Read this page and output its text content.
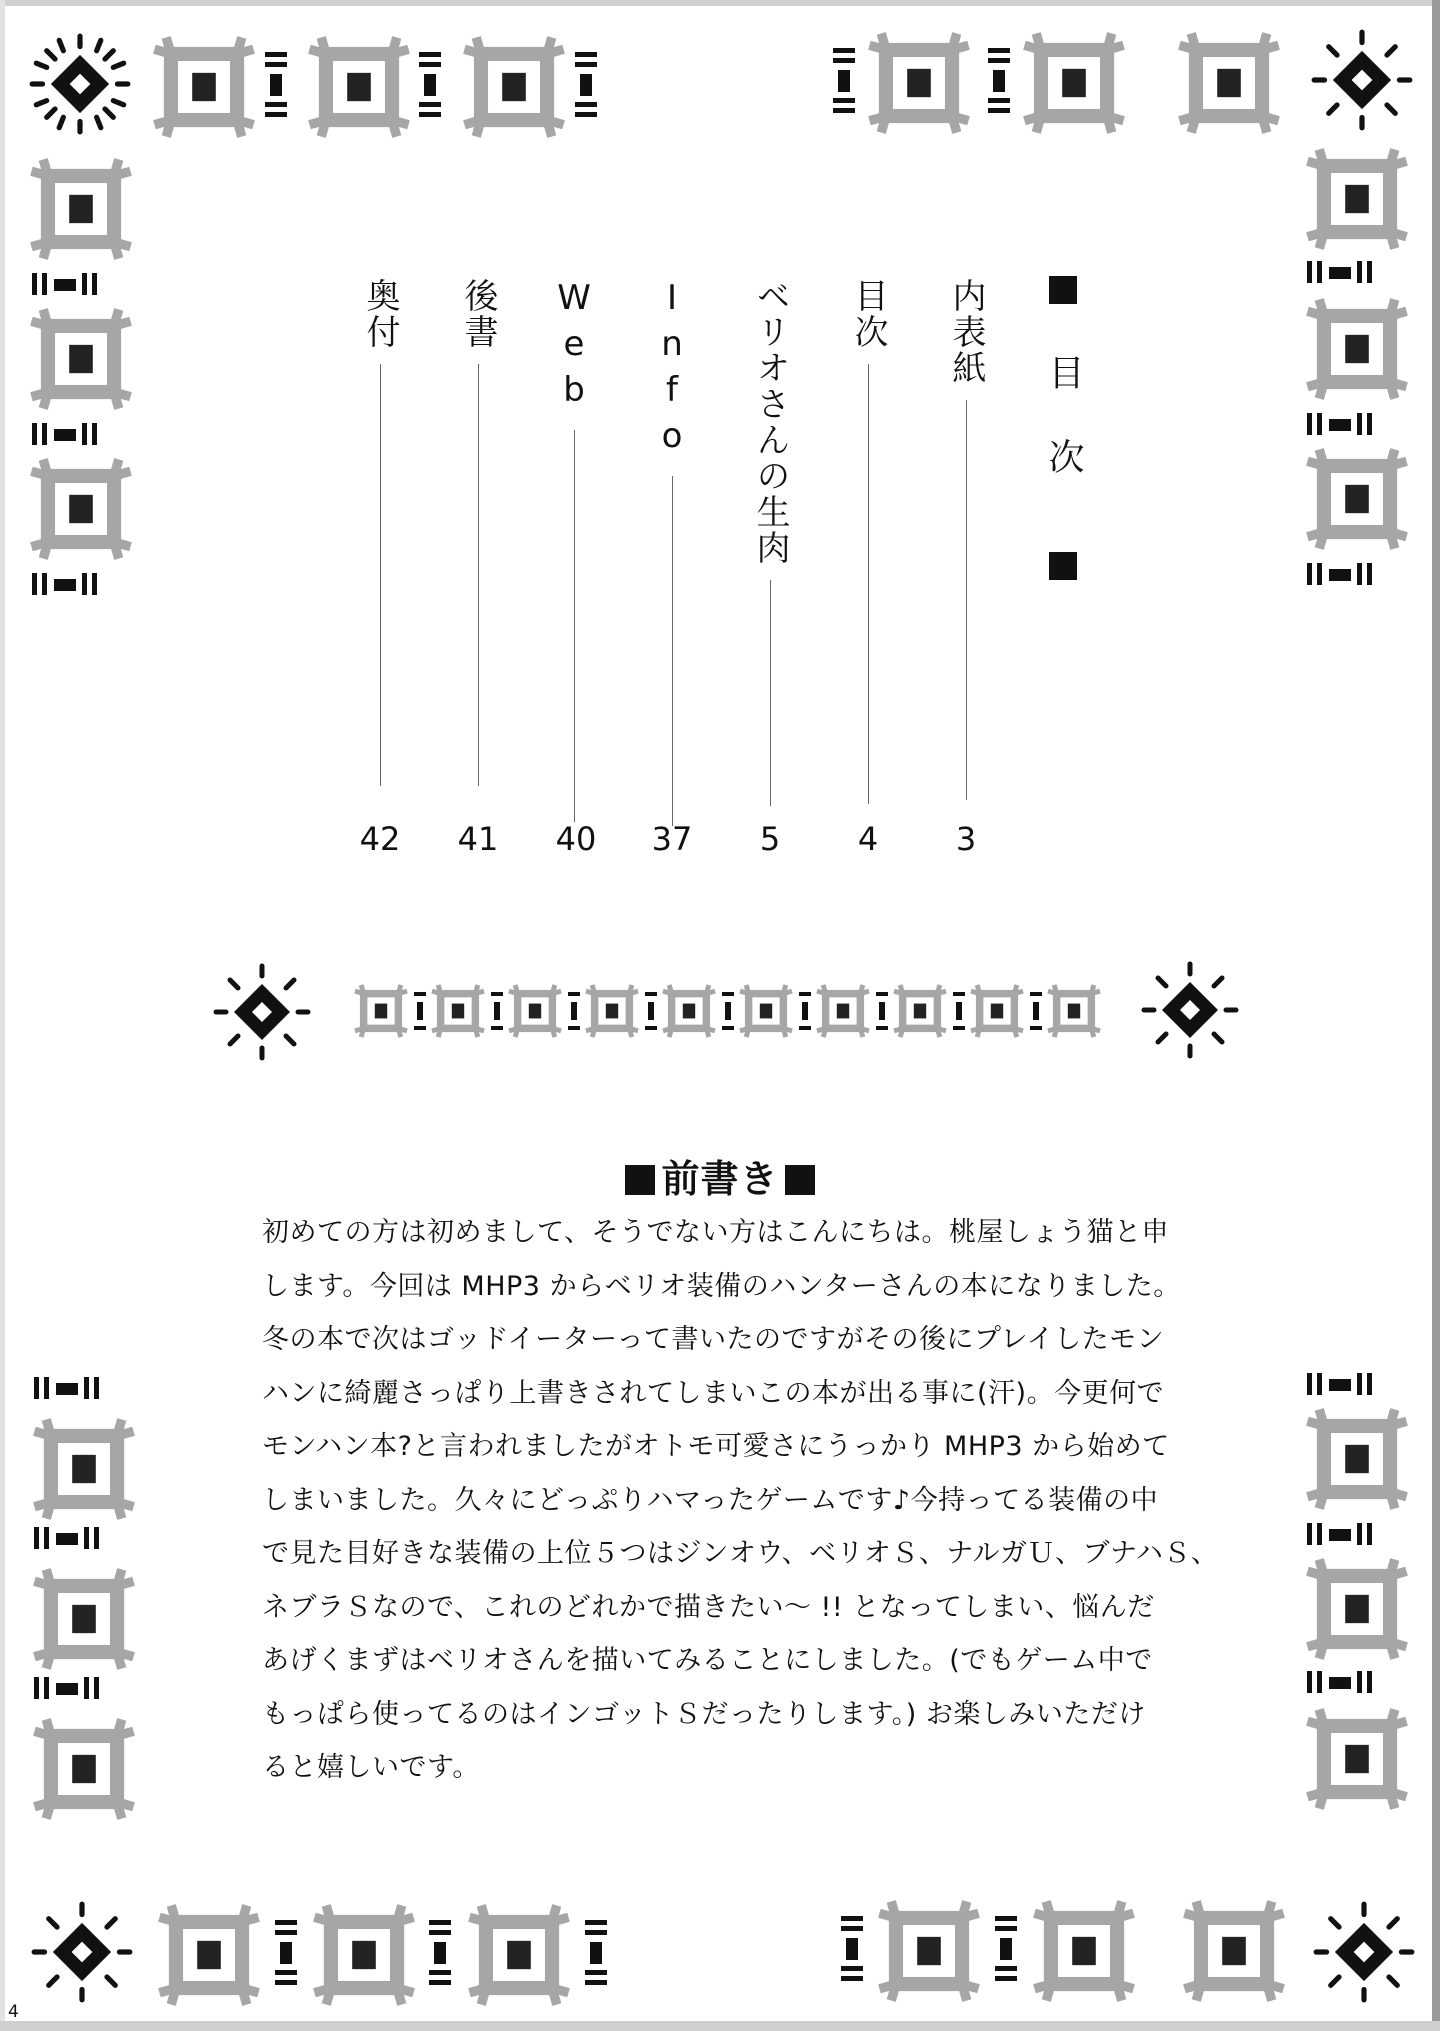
目次
内表紙
目次
ベリオさんの生肉
Info
Web
後書
奥付
3
4
5
37
40
41
42
前書き
初めての方は初めまして、そうでない方はこんにちは。桃屋しょう猫と申
します。今回は MHP3 からベリオ装備のハンターさんの本になりました。
冬の本で次はゴッドイーターって書いたのですがその後にプレイしたモン
ハンに綺麗さっぱり上書きされてしまいこの本が出る事に(汗)。今更何で
モンハン本?と言われましたがオトモ可愛さにうっかり MHP3 から始めて
しまいました。久々にどっぷりハマったゲームです♪今持ってる装備の中
で見た目好きな装備の上位５つはジンオウ、ベリオＳ、ナルガＵ、ブナハＳ、
ネブラＳなので、これのどれかで描きたい～ !! となってしまい、悩んだ
あげくまずはベリオさんを描いてみることにしました。(でもゲーム中で
もっぱら使ってるのはインゴットＳだったりします。) お楽しみいただけ
ると嬉しいです。
4
